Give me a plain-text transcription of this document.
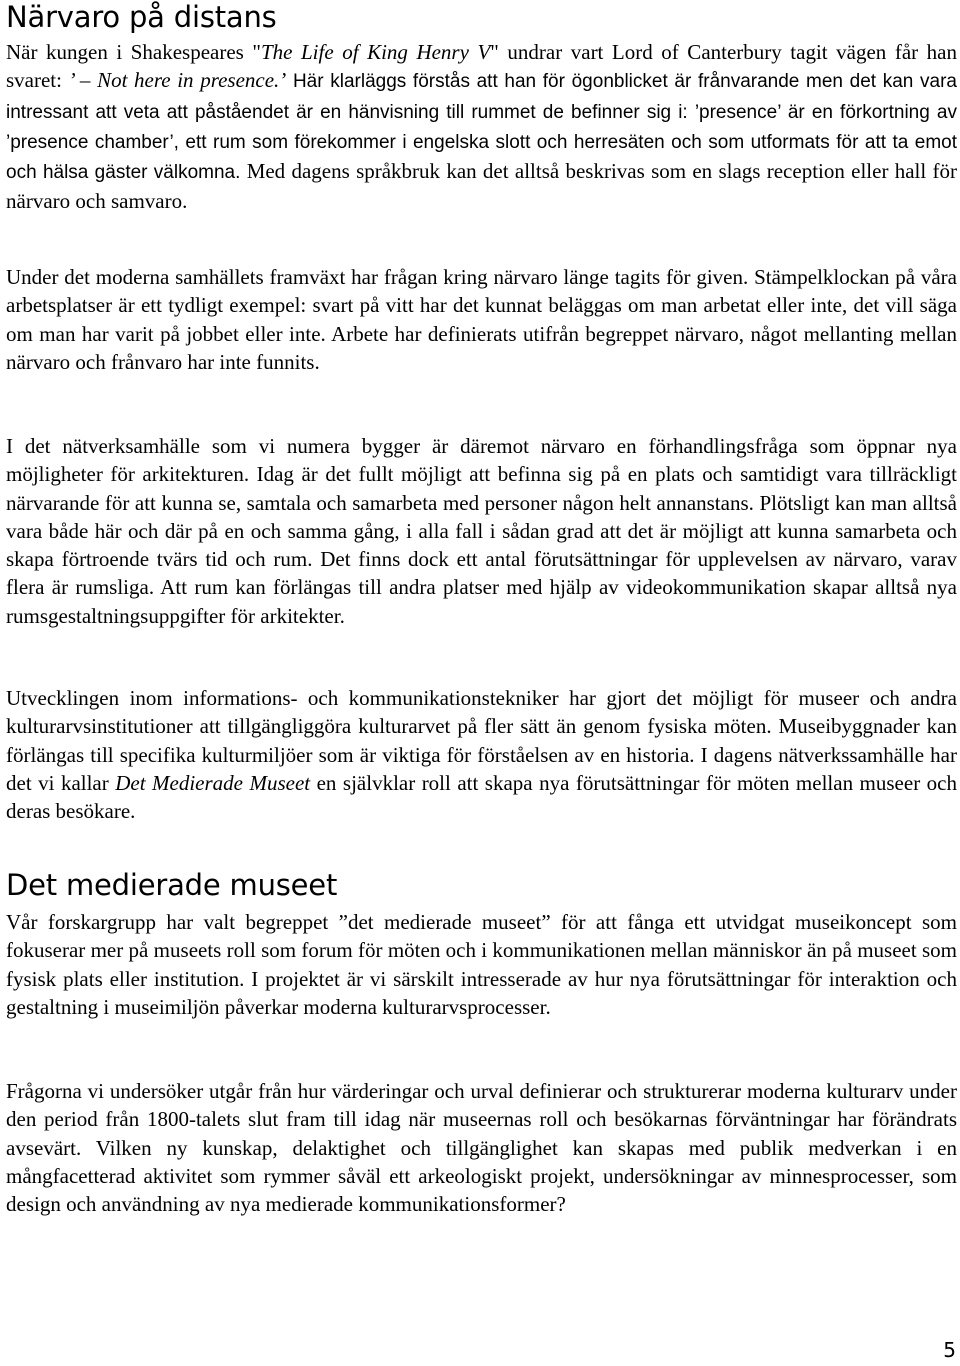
Närvaro på distans

När kungen i Shakespeares "The Life of King Henry V" undrar vart Lord of Canterbury tagit vägen får han svaret: ’ – Not here in presence.’ Här klarläggs förstås att han för ögonblicket är frånvarande men det kan vara intressant att veta att påståendet är en hänvisning till rummet de befinner sig i: ’presence’ är en förkortning av ’presence chamber’, ett rum som förekommer i engelska slott och herresäten och som utformats för att ta emot och hälsa gäster välkomna. Med dagens språkbruk kan det alltså beskrivas som en slags reception eller hall för närvaro och samvaro.

Under det moderna samhällets framväxt har frågan kring närvaro länge tagits för given. Stämpelklockan på våra arbetsplatser är ett tydligt exempel: svart på vitt har det kunnat beläggas om man arbetat eller inte, det vill säga om man har varit på jobbet eller inte. Arbete har definierats utifrån begreppet närvaro, något mellanting mellan närvaro och frånvaro har inte funnits.

I det nätverksamhälle som vi numera bygger är däremot närvaro en förhandlingsfråga som öppnar nya möjligheter för arkitekturen. Idag är det fullt möjligt att befinna sig på en plats och samtidigt vara tillräckligt närvarande för att kunna se, samtala och samarbeta med personer någon helt annanstans. Plötsligt kan man alltså vara både här och där på en och samma gång, i alla fall i sådan grad att det är möjligt att kunna samarbeta och skapa förtroende tvärs tid och rum. Det finns dock ett antal förutsättningar för upplevelsen av närvaro, varav flera är rumsliga. Att rum kan förlängas till andra platser med hjälp av videokommunikation skapar alltså nya rumsgestaltningsuppgifter för arkitekter.

Utvecklingen inom informations- och kommunikationstekniker har gjort det möjligt för museer och andra kulturarvsinstitutioner att tillgängliggöra kulturarvet på fler sätt än genom fysiska möten. Museibyggnader kan förlängas till specifika kulturmiljöer som är viktiga för förståelsen av en historia. I dagens nätverkssamhälle har det vi kallar Det Medierade Museet en självklar roll att skapa nya förutsättningar för möten mellan museer och deras besökare.

Det medierade museet

Vår forskargrupp har valt begreppet ”det medierade museet” för att fånga ett utvidgat museikoncept som fokuserar mer på museets roll som forum för möten och i kommunikationen mellan människor än på museet som fysisk plats eller institution. I projektet är vi särskilt intresserade av hur nya förutsättningar för interaktion och gestaltning i museimiljön påverkar moderna kulturarvsprocesser.

Frågorna vi undersöker utgår från hur värderingar och urval definierar och strukturerar moderna kulturarv under den period från 1800-talets slut fram till idag när museernas roll och besökarnas förväntningar har förändrats avsevärt. Vilken ny kunskap, delaktighet och tillgänglighet kan skapas med publik medverkan i en mångfacetterad aktivitet som rymmer såväl ett arkeologiskt projekt, undersökningar av minnesprocesser, som design och användning av nya medierade kommunikationsformer?

5
